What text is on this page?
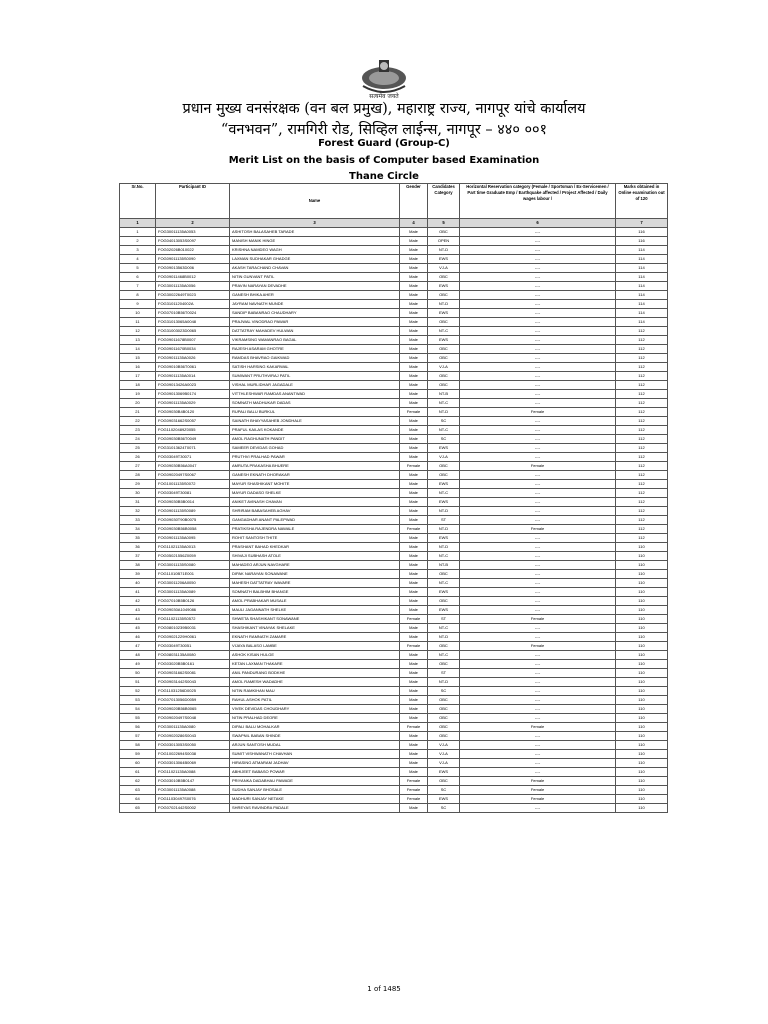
सत्यमेव जयते
प्रधान मुख्य वनसंरक्षक (वन बल प्रमुख), महाराष्ट्र राज्य, नागपूर यांचे कार्यालय
“वनभवन”, रामगिरी रोड, सिव्हिल लाईन्स, नागपूर – ४४० ००१
Forest Guard (Group-C)
Merit List on the basis of Computer based Examination
Thane Circle
Sr.No.	Participant ID	Name	Gender	Candidates Category	Horizontal Reservation category (Female / Sportsman / Ex-Servicemen / Part time Graduate Emp / Earthquake affected / Project Affected / Daily wages labour /	Marks obtained in Online examination out of 120
1	2	3	4	5	6	7
1	FOG30011135A0053	ASHITOSH BALASAHEB TARADE	Male	OBC	----	116
2	FOG04013053S0097	MANISH MANIK HINGE	Male	OPEN	----	116
3	FOG02026B010022	KRISHNA NAMDEO WAGH	Male	NT-D	----	114
4	FOG09011135S0090	LAXMAN SUDHAKAR GHADGE	Male	EWS	----	114
5	FOG09013563D006	AKASH TARACHAND CHAVAN	Male	VJ-A	----	114
6	FOG09011468B0012	NITIN GUNVANT PATIL	Male	OBC	----	114
7	FOG30011135A0056	PRAVIN NARAYAN DEVADHE	Male	EWS	----	114
8	FOG30022649T0023	GANESH BHIKA AHER	Male	OBC	----	114
9	FOG31011204002A	JAYRAM NAVNATH MUNDE	Male	NT-D	----	114
10	FOG07010B56T0024	SANDIP BABANRAO CHAUDHARY	Male	EWS	----	114
11	FOG31013065A0048	PRAJWAL VINODRAO PAWAR	Male	OBC	----	114
12	FOG31003023D0065	DATTATRAY MAHADEV HULWAN	Male	NT-C	----	112
13	FOG09011678B0007	VIKRAMSING WAMANRAO BAGAL	Male	EWS	----	112
14	FOG09011670B0034	RAJESH ASARAM GHOTRE	Male	OBC	----	112
15	FOG09011135A0026	RAMDAS BHAVRAO GAIKWAD	Male	OBC	----	112
16	FOG09010B56T0061	SATISH HARSING KAKARWAL	Male	VJ-A	----	112
17	FOG09011135A0014	SUMWANT PRUTHVIRAJ PATIL	Male	OBC	----	112
18	FOG09013426A0023	VISHAL MURLIDHAR JAGADALE	Male	OBC	----	112
19	FOG09013069B0174	VITTHLESHWAR RAMDAS ANANTWAD	Male	NT-B	----	112
20	FOG09011135A0029	SOMNATH MADHUKAR DADAS	Male	NT-C	----	112
21	FOG09030B4B0120	RUPALI BALU BURKUL	Female	NT-D	Female	112
22	FOG09031662S0057	SAINATH BHAYYASAHEB JONDHALE	Male	SC	----	112
23	FOG11020489Z0055	PRAFUL KAILAS KOKANDE	Male	NT-C	----	112
24	FOG09030B56T0049	AMOL RAGHUNATH PANDIT	Male	SC	----	112
25	FOG31013624T0071	SAMEER DEVIDAS GOHAD	Male	EWS	----	112
26	FOG03049T30071	PRUTHVI PRALHAD PAWAR	Male	VJ-A	----	112
27	FOG09030B56A0047	AMRUTA PRAKASHA BHUERE	Female	OBC	Female	112
28	FOG09020497S0067	GANESH EKNATH DHORAKAR	Male	OBC	----	112
29	FOG10011135S0072	MAYUR SHASHIKANT MOHITE	Male	EWS	----	112
30	FOG03049T30081	MAYUR DADASO SHELKE	Male	NT-C	----	112
31	FOG09030B5B0014	ANIKET AVINASH CHAVAN	Male	EWS	----	112
32	FOG09011135S0089	SHRIRAM BABASAHEB AGHAV	Male	NT-D	----	112
33	FOG09030T90B0075	GANGADHAR ANANT PALEPWAD	Male	ST	----	112
34	FOG09030B56B0058	PRATIKSHA RAJENDRA NAWALE	Female	NT-D	Female	112
35	FOG09011135A0095	ROHIT SANTOSH THITE	Male	EWS	----	112
36	FOG11021135A0013	PRASHANT BAHAD KHEDKAR	Male	NT-D	----	110
37	FOG05021556Z0059	SHIVAJI SUBHASH ATOLE	Male	NT-C	----	110
38	FOG30011135S0080	MAHADEO ARJUN NAVGHARE	Male	NT-B	----	110
39	FOG11010B71E001	DIPAK NARAYAN SONAWANE	Male	OBC	----	110
40	FOG30011206A0050	MAHESH DATTATRAY WAVARE	Male	NT-C	----	110
41	FOG30011135A0089	SOMNATH BALBHIM BHANGE	Male	EWS	----	110
42	FOG07010B5B0126	AMOL PRABHAKAR MUSALE	Male	OBC	----	110
43	FOG09030A1049086	MAULI JAGANNATH SHELKE	Male	EWS	----	110
44	FOG11021135S0572	SHWETA SHASHIKANT SONAWANE	Female	ST	Female	110
45	FOG08010239B0031	SHASHIKANT VINAYAK SHELAKE	Male	NT-C	----	110
46	FOG09021229H0061	EKNATH RAMNATH ZAMARE	Male	NT-D	----	110
47	FOG03049T30051	VIJAYA BALASO LAMBE	Female	OBC	Female	110
48	FOG08031135A0080	ASHOK KISAN HULGE	Male	NT-C	----	110
49	FOG03020B5B0161	KETAN LAXMAN THAKARE	Male	OBC	----	110
50	FOG09031662S0081	ANIL PANDURANG BODKHE	Male	ST	----	110
51	FOG09031442S0043	AMOL RAMESH WADADHE	Male	NT-D	----	110
52	FOG11031256D0025	NITIN RAMKIHAN MAU	Male	SC	----	110
53	FOG07013056D0059	RAHUL ASHOK PATIL	Male	OBC	----	110
54	FOG09020B56B0065	VIVEK DEVIDAS CHOUDHARY	Male	OBC	----	110
55	FOG09020497S0048	NITIN PRALHAD DEORE	Male	OBC	----	110
56	FOG30011135A0080	DIPALI BALU MOHALKAR	Female	OBC	Female	110
57	FOG09020286S0043	SWAPNIL BABAN SHINDE	Male	OBC	----	110
58	FOG03013053S0050	ARJUN SANTOSH MUDAL	Male	VJ-A	----	110
59	FOG10022694S0038	SUMIT VISHWANATH CHAVHAN	Male	VJ-A	----	110
60	FOG03013064B0069	HIRASING ATMARAM JADHAV	Male	VJ-A	----	110
61	FOG11021135A0088	ABHIJEET BABASO POWAR	Male	EWS	----	110
62	FOG03010B5B0147	PRIYANKA DADABHAU PAWADE	Female	OBC	Female	110
63	FOG30011135A0088	SUDHA SANJAY BHOSALE	Female	SC	Female	110
64	FOG11030497S0076	MADHURI SANJAY NETAKE	Female	EWS	Female	110
65	FOG07021442S0002	SHREYAS RAVINDRA PADALE	Male	SC	----	110
1 of 1485
